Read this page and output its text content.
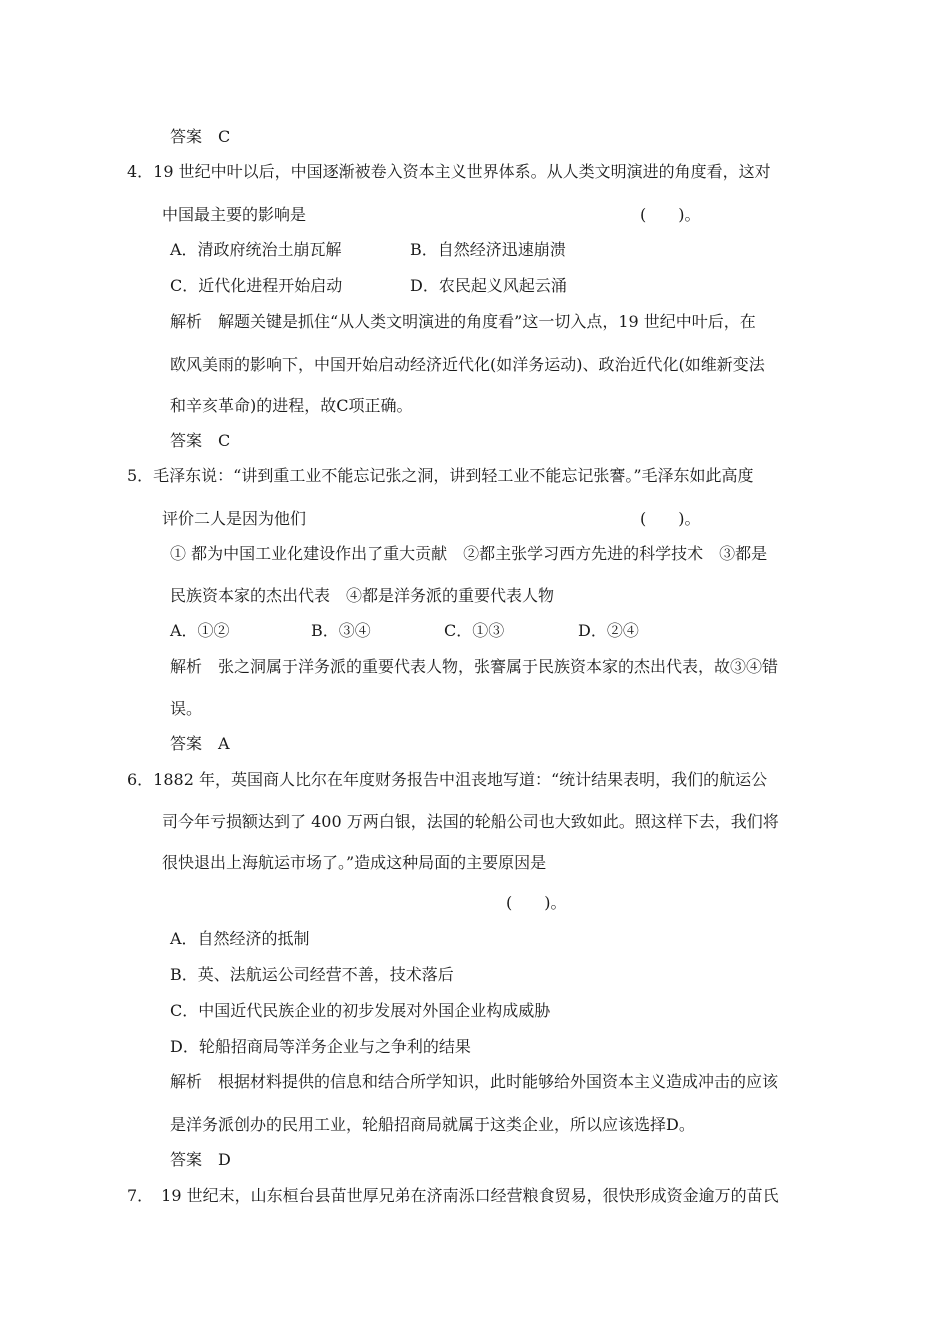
答案　C
4．19 世纪中叶以后，中国逐渐被卷入资本主义世界体系。从人类文明演进的角度看，这对
中国最主要的影响是	(　　)。
A．清政府统治土崩瓦解	B．自然经济迅速崩溃
C．近代化进程开始启动	D．农民起义风起云涌
解析　解题关键是抓住“从人类文明演进的角度看”这一切入点，19 世纪中叶后，在
欧风美雨的影响下，中国开始启动经济近代化(如洋务运动)、政治近代化(如维新变法
和辛亥革命)的进程，故C项正确。
答案　C
5．毛泽东说：“讲到重工业不能忘记张之洞，讲到轻工业不能忘记张謇。”毛泽东如此高度
评价二人是因为他们	(　　)。
① 都为中国工业化建设作出了重大贡献　②都主张学习西方先进的科学技术　③都是
民族资本家的杰出代表　④都是洋务派的重要代表人物
A．①②	B．③④	C．①③	D．②④
解析　张之洞属于洋务派的重要代表人物，张謇属于民族资本家的杰出代表，故③④错
误。
答案　A
6．1882 年，英国商人比尔在年度财务报告中沮丧地写道：“统计结果表明，我们的航运公
司今年亏损额达到了 400 万两白银，法国的轮船公司也大致如此。照这样下去，我们将
很快退出上海航运市场了。”造成这种局面的主要原因是
(　　)。
A．自然经济的抵制
B．英、法航运公司经营不善，技术落后
C．中国近代民族企业的初步发展对外国企业构成威胁
D．轮船招商局等洋务企业与之争利的结果
解析　根据材料提供的信息和结合所学知识，此时能够给外国资本主义造成冲击的应该
是洋务派创办的民用工业，轮船招商局就属于这类企业，所以应该选择D。
答案　D
7．　19 世纪末，山东桓台县苗世厚兄弟在济南泺口经营粮食贸易，很快形成资金逾万的苗氏
